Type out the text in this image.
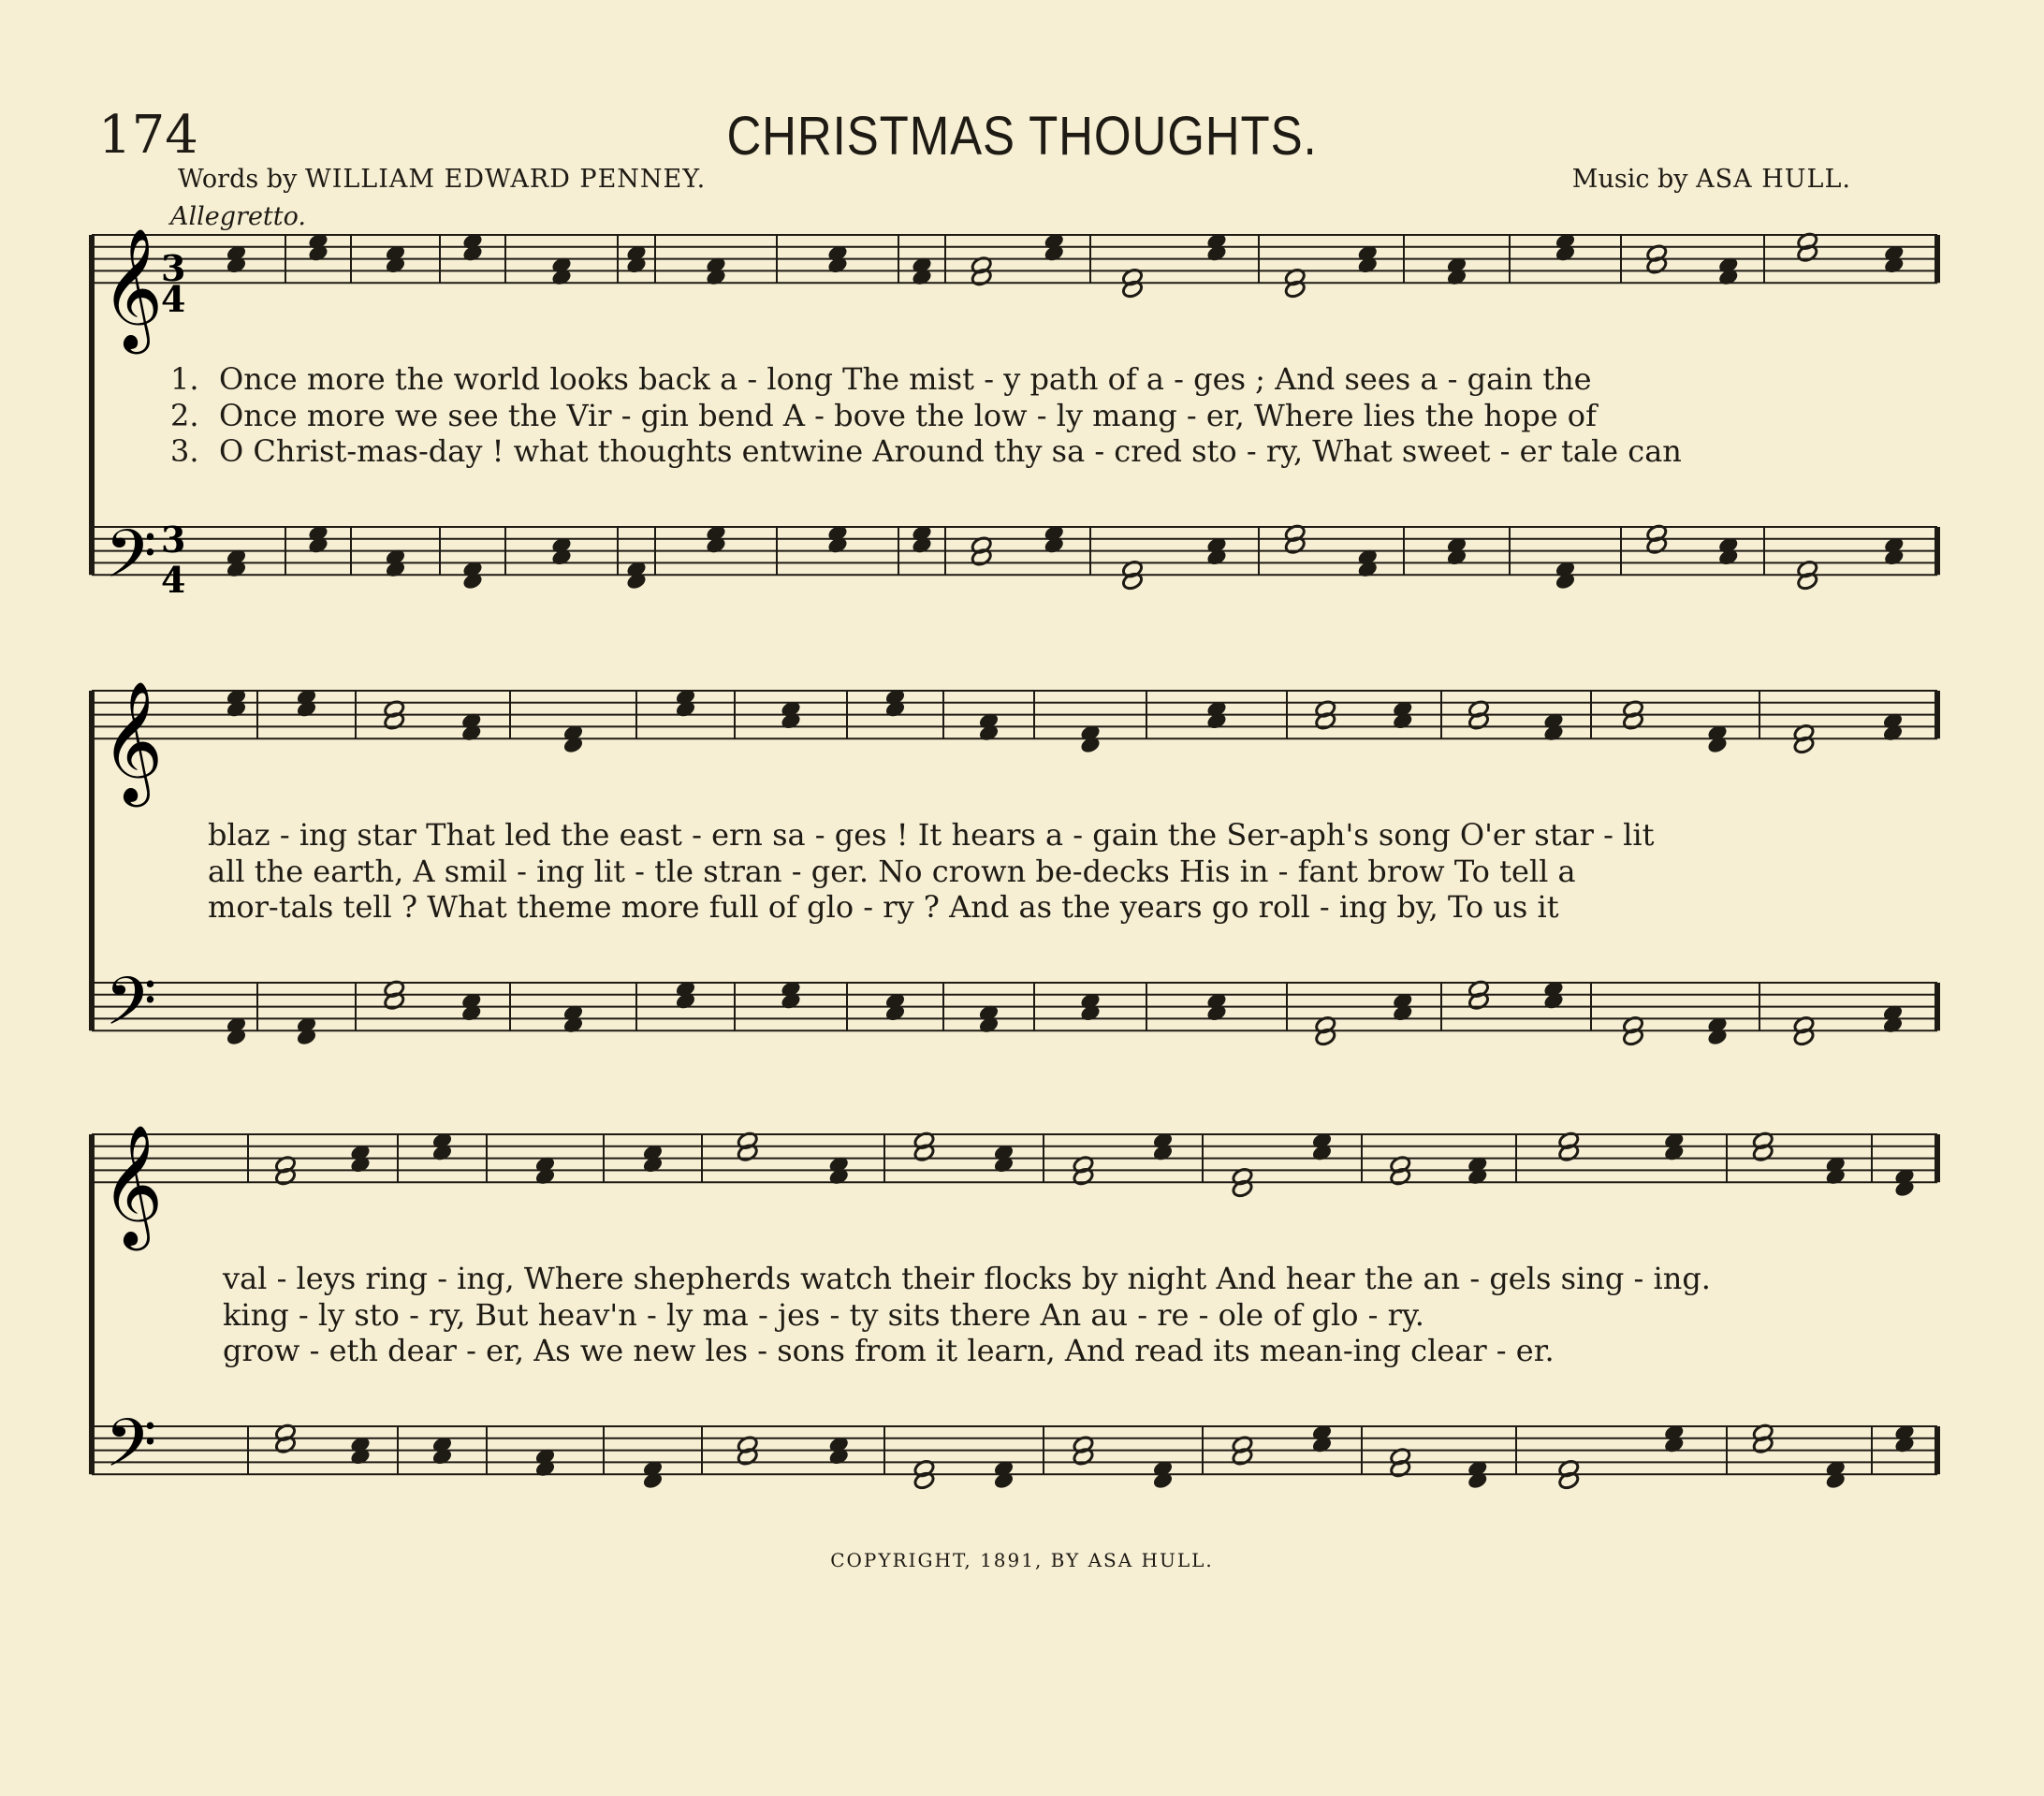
174	CHRISTMAS THOUGHTS.
Words by WILLIAM EDWARD PENNEY.	Music by ASA HULL.
Allegretto.
𝄞
𝄢
𝄞
𝄢
𝄞
𝄢
3
4
3
4
1. Once more the world looks back a - long The mist - y path of a - ges ; And sees a - gain the
2. Once more we see the Vir - gin bend A - bove the low - ly mang - er, Where lies the hope of
3. O Christ-mas-day ! what thoughts entwine Around thy sa - cred sto - ry, What sweet - er tale can
blaz - ing star That led the east - ern sa - ges ! It hears a - gain the Ser-aph's song O'er star - lit
all the earth, A smil - ing lit - tle stran - ger. No crown be-decks His in - fant brow To tell a
mor-tals tell ? What theme more full of glo - ry ? And as the years go roll - ing by, To us it
val - leys ring - ing, Where shepherds watch their flocks by night And hear the an - gels sing - ing.
king - ly sto - ry, But heav'n - ly ma - jes - ty sits there An au - re - ole of glo - ry.
grow - eth dear - er, As we new les - sons from it learn, And read its mean-ing clear - er.
COPYRIGHT, 1891, BY ASA HULL.
